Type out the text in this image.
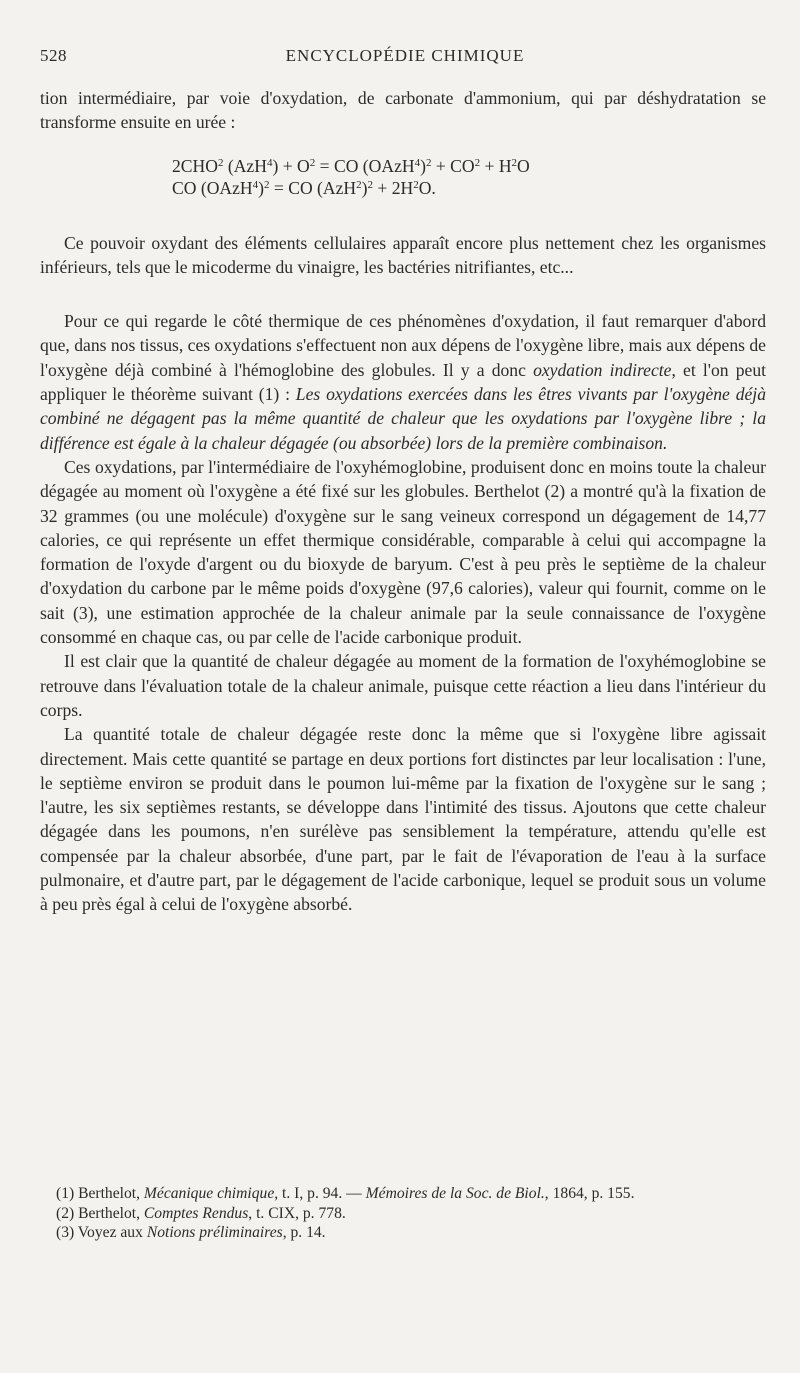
528	ENCYCLOPÉDIE CHIMIQUE

tion intermédiaire, par voie d'oxydation, de carbonate d'ammonium, qui par déshydratation se transforme ensuite en urée :

2CHO$^2$ $(AzH^4) + O^2$ = CO (OAzH$^4$)$^2$ + $CO^2 + H^2O$

CO (OAzH$^4$)$^2$ = CO $(AzH^2)^2 + 2H^2O$.

Ce pouvoir oxydant des éléments cellulaires apparaît encore plus nettement chez les organismes inférieurs, tels que le micoderme du vinaigre, les bactéries nitrifiantes, etc...

Pour ce qui regarde le côté thermique de ces phénomènes d'oxydation, il faut remarquer d'abord que, dans nos tissus, ces oxydations s'effectuent non aux dépens de l'oxygène libre, mais aux dépens de l'oxygène déjà combiné à l'hémoglobine des globules. Il y a donc oxydation indirecte, et l'on peut appliquer le théorème suivant (1) : Les oxydations exercées dans les êtres vivants par l'oxygène déjà combiné ne dégagent pas la même quantité de chaleur que les oxydations par l'oxygène libre ; la différence est égale à la chaleur dégagée (ou absorbée) lors de la première combinaison.

Ces oxydations, par l'intermédiaire de l'oxyhémoglobine, produisent donc en moins toute la chaleur dégagée au moment où l'oxygène a été fixé sur les globules. Berthelot (2) a montré qu'à la fixation de 32 grammes (ou une molécule) d'oxygène sur le sang veineux correspond un dégagement de 14,77 calories, ce qui représente un effet thermique considérable, comparable à celui qui accompagne la formation de l'oxyde d'argent ou du bioxyde de baryum. C'est à peu près le septième de la chaleur d'oxydation du carbone par le même poids d'oxygène (97,6 calories), valeur qui fournit, comme on le sait (3), une estimation approchée de la chaleur animale par la seule connaissance de l'oxygène consommé en chaque cas, ou par celle de l'acide carbonique produit.

Il est clair que la quantité de chaleur dégagée au moment de la formation de l'oxyhémoglobine se retrouve dans l'évaluation totale de la chaleur animale, puisque cette réaction a lieu dans l'intérieur du corps.

La quantité totale de chaleur dégagée reste donc la même que si l'oxygène libre agissait directement. Mais cette quantité se partage en deux portions fort distinctes par leur localisation : l'une, le septième environ se produit dans le poumon lui-même par la fixation de l'oxygène sur le sang ; l'autre, les six septièmes restants, se développe dans l'intimité des tissus. Ajoutons que cette chaleur dégagée dans les poumons, n'en surélève pas sensiblement la température, attendu qu'elle est compensée par la chaleur absorbée, d'une part, par le fait de l'évaporation de l'eau à la surface pulmonaire, et d'autre part, par le dégagement de l'acide carbonique, lequel se produit sous un volume à peu près égal à celui de l'oxygène absorbé.

(1) Berthelot, Mécanique chimique, t. I, p. 94. — Mémoires de la Soc. de Biol., 1864, p. 155.

(2) Berthelot, Comptes Rendus, t. CIX, p. 778.

(3) Voyez aux Notions préliminaires, p. 14.
